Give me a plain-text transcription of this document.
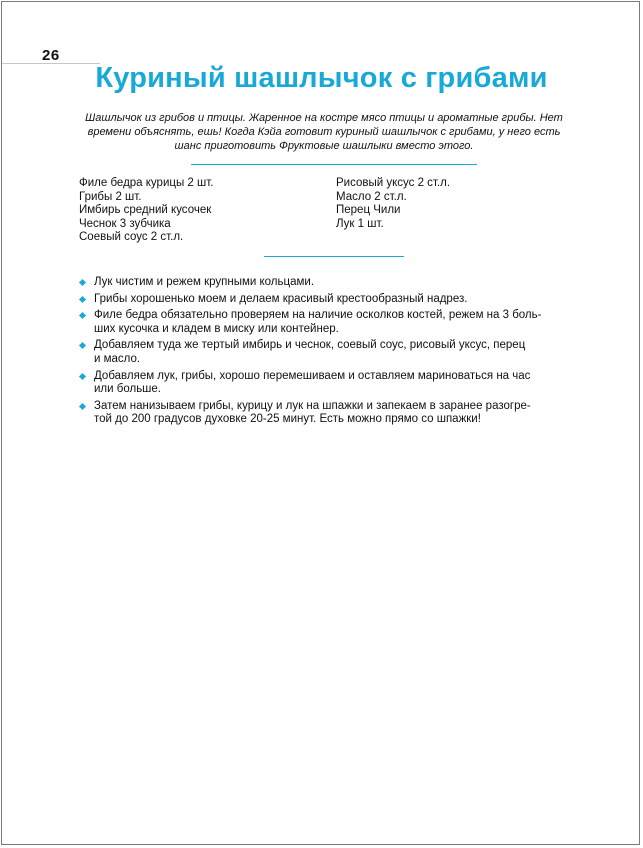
26
Куриный шашлычок с грибами
Шашлычок из грибов и птицы. Жаренное на костре мясо птицы и ароматные грибы. Нет времени объяснять, ешь! Когда Кэйа готовит куриный шашлычок с грибами, у него есть шанс приготовить Фруктовые шашлыки вместо этого.
Филе бедра курицы 2 шт.
Грибы 2 шт.
Имбирь средний кусочек
Чеснок 3 зубчика
Соевый соус 2 ст.л.
Рисовый уксус 2 ст.л.
Масло 2 ст.л.
Перец Чили
Лук 1 шт.
Лук чистим и режем крупными кольцами.
Грибы хорошенько моем и делаем красивый крестообразный надрез.
Филе бедра обязательно проверяем на наличие осколков костей, режем на 3 боль-
ших кусочка и кладем в миску или контейнер.
Добавляем туда же тертый имбирь и чеснок, соевый соус, рисовый уксус, перец
и масло.
Добавляем лук, грибы, хорошо перемешиваем и оставляем мариноваться на час
или больше.
Затем нанизываем грибы, курицу и лук на шпажки и запекаем в заранее разогре-
той до 200 градусов духовке 20-25 минут. Есть можно прямо со шпажки!
